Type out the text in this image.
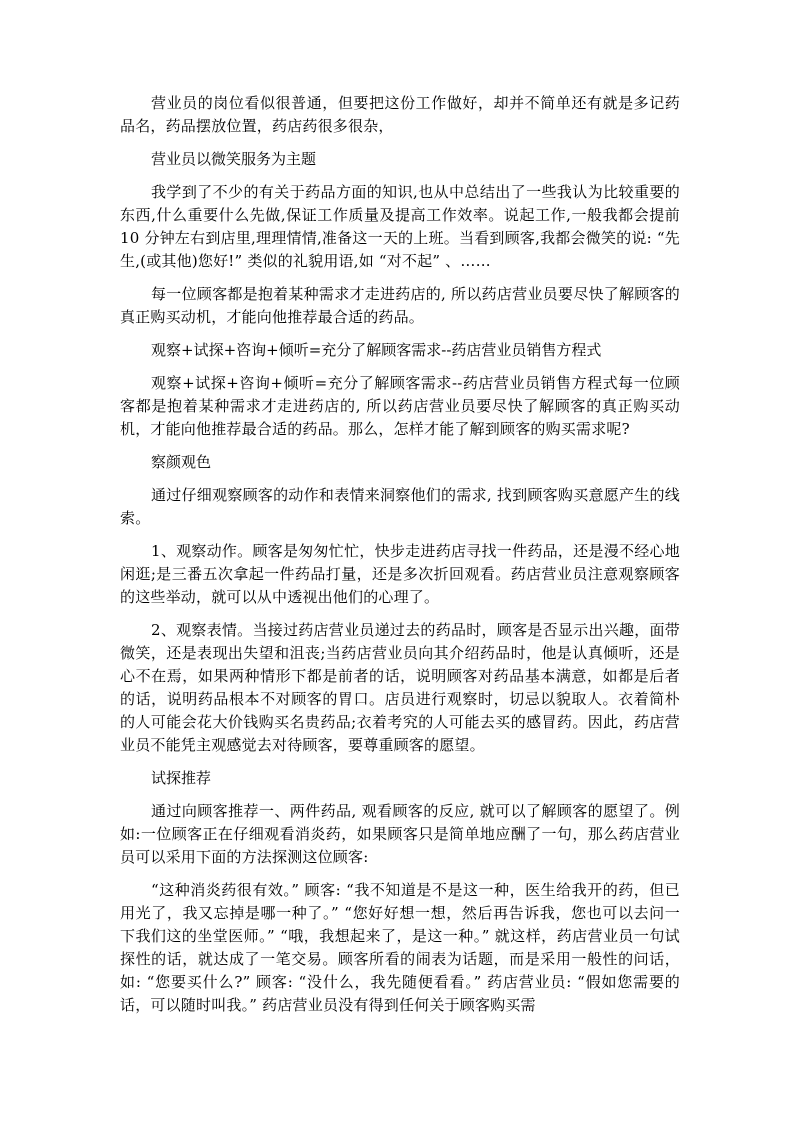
营业员的岗位看似很普通，但要把这份工作做好，却并不简单还有就是多记药品名，药品摆放位置，药店药很多很杂，

营业员以微笑服务为主题

我学到了不少的有关于药品方面的知识,也从中总结出了一些我认为比较重要的东西,什么重要什么先做,保证工作质量及提高工作效率。说起工作,一般我都会提前 10 分钟左右到店里,理理情情,准备这一天的上班。当看到顾客,我都会微笑的说: “先生,(或其他)您好!” 类似的礼貌用语,如 “对不起” 、……

每一位顾客都是抱着某种需求才走进药店的, 所以药店营业员要尽快了解顾客的真正购买动机，才能向他推荐最合适的药品。

观察+试探+咨询+倾听=充分了解顾客需求--药店营业员销售方程式

观察+试探+咨询+倾听=充分了解顾客需求--药店营业员销售方程式每一位顾客都是抱着某种需求才走进药店的, 所以药店营业员要尽快了解顾客的真正购买动机，才能向他推荐最合适的药品。那么，怎样才能了解到顾客的购买需求呢?

察颜观色

通过仔细观察顾客的动作和表情来洞察他们的需求, 找到顾客购买意愿产生的线索。

1、观察动作。顾客是匆匆忙忙，快步走进药店寻找一件药品，还是漫不经心地闲逛;是三番五次拿起一件药品打量，还是多次折回观看。药店营业员注意观察顾客的这些举动，就可以从中透视出他们的心理了。

2、观察表情。当接过药店营业员递过去的药品时，顾客是否显示出兴趣，面带微笑，还是表现出失望和沮丧;当药店营业员向其介绍药品时，他是认真倾听，还是心不在焉，如果两种情形下都是前者的话，说明顾客对药品基本满意，如都是后者的话，说明药品根本不对顾客的胃口。店员进行观察时，切忌以貌取人。衣着简朴的人可能会花大价钱购买名贵药品;衣着考究的人可能去买的感冒药。因此，药店营业员不能凭主观感觉去对待顾客，要尊重顾客的愿望。

试探推荐

通过向顾客推荐一、两件药品, 观看顾客的反应, 就可以了解顾客的愿望了。例如:一位顾客正在仔细观看消炎药，如果顾客只是简单地应酬了一句，那么药店营业员可以采用下面的方法探测这位顾客:

“这种消炎药很有效。” 顾客: “我不知道是不是这一种，医生给我开的药，但已用光了，我又忘掉是哪一种了。” “您好好想一想，然后再告诉我，您也可以去问一下我们这的坐堂医师。” “哦，我想起来了，是这一种。” 就这样，药店营业员一句试探性的话，就达成了一笔交易。顾客所看的闹表为话题，而是采用一般性的问话，如: “您要买什么?” 顾客: “没什么，我先随便看看。” 药店营业员: “假如您需要的话，可以随时叫我。” 药店营业员没有得到任何关于顾客购买需
